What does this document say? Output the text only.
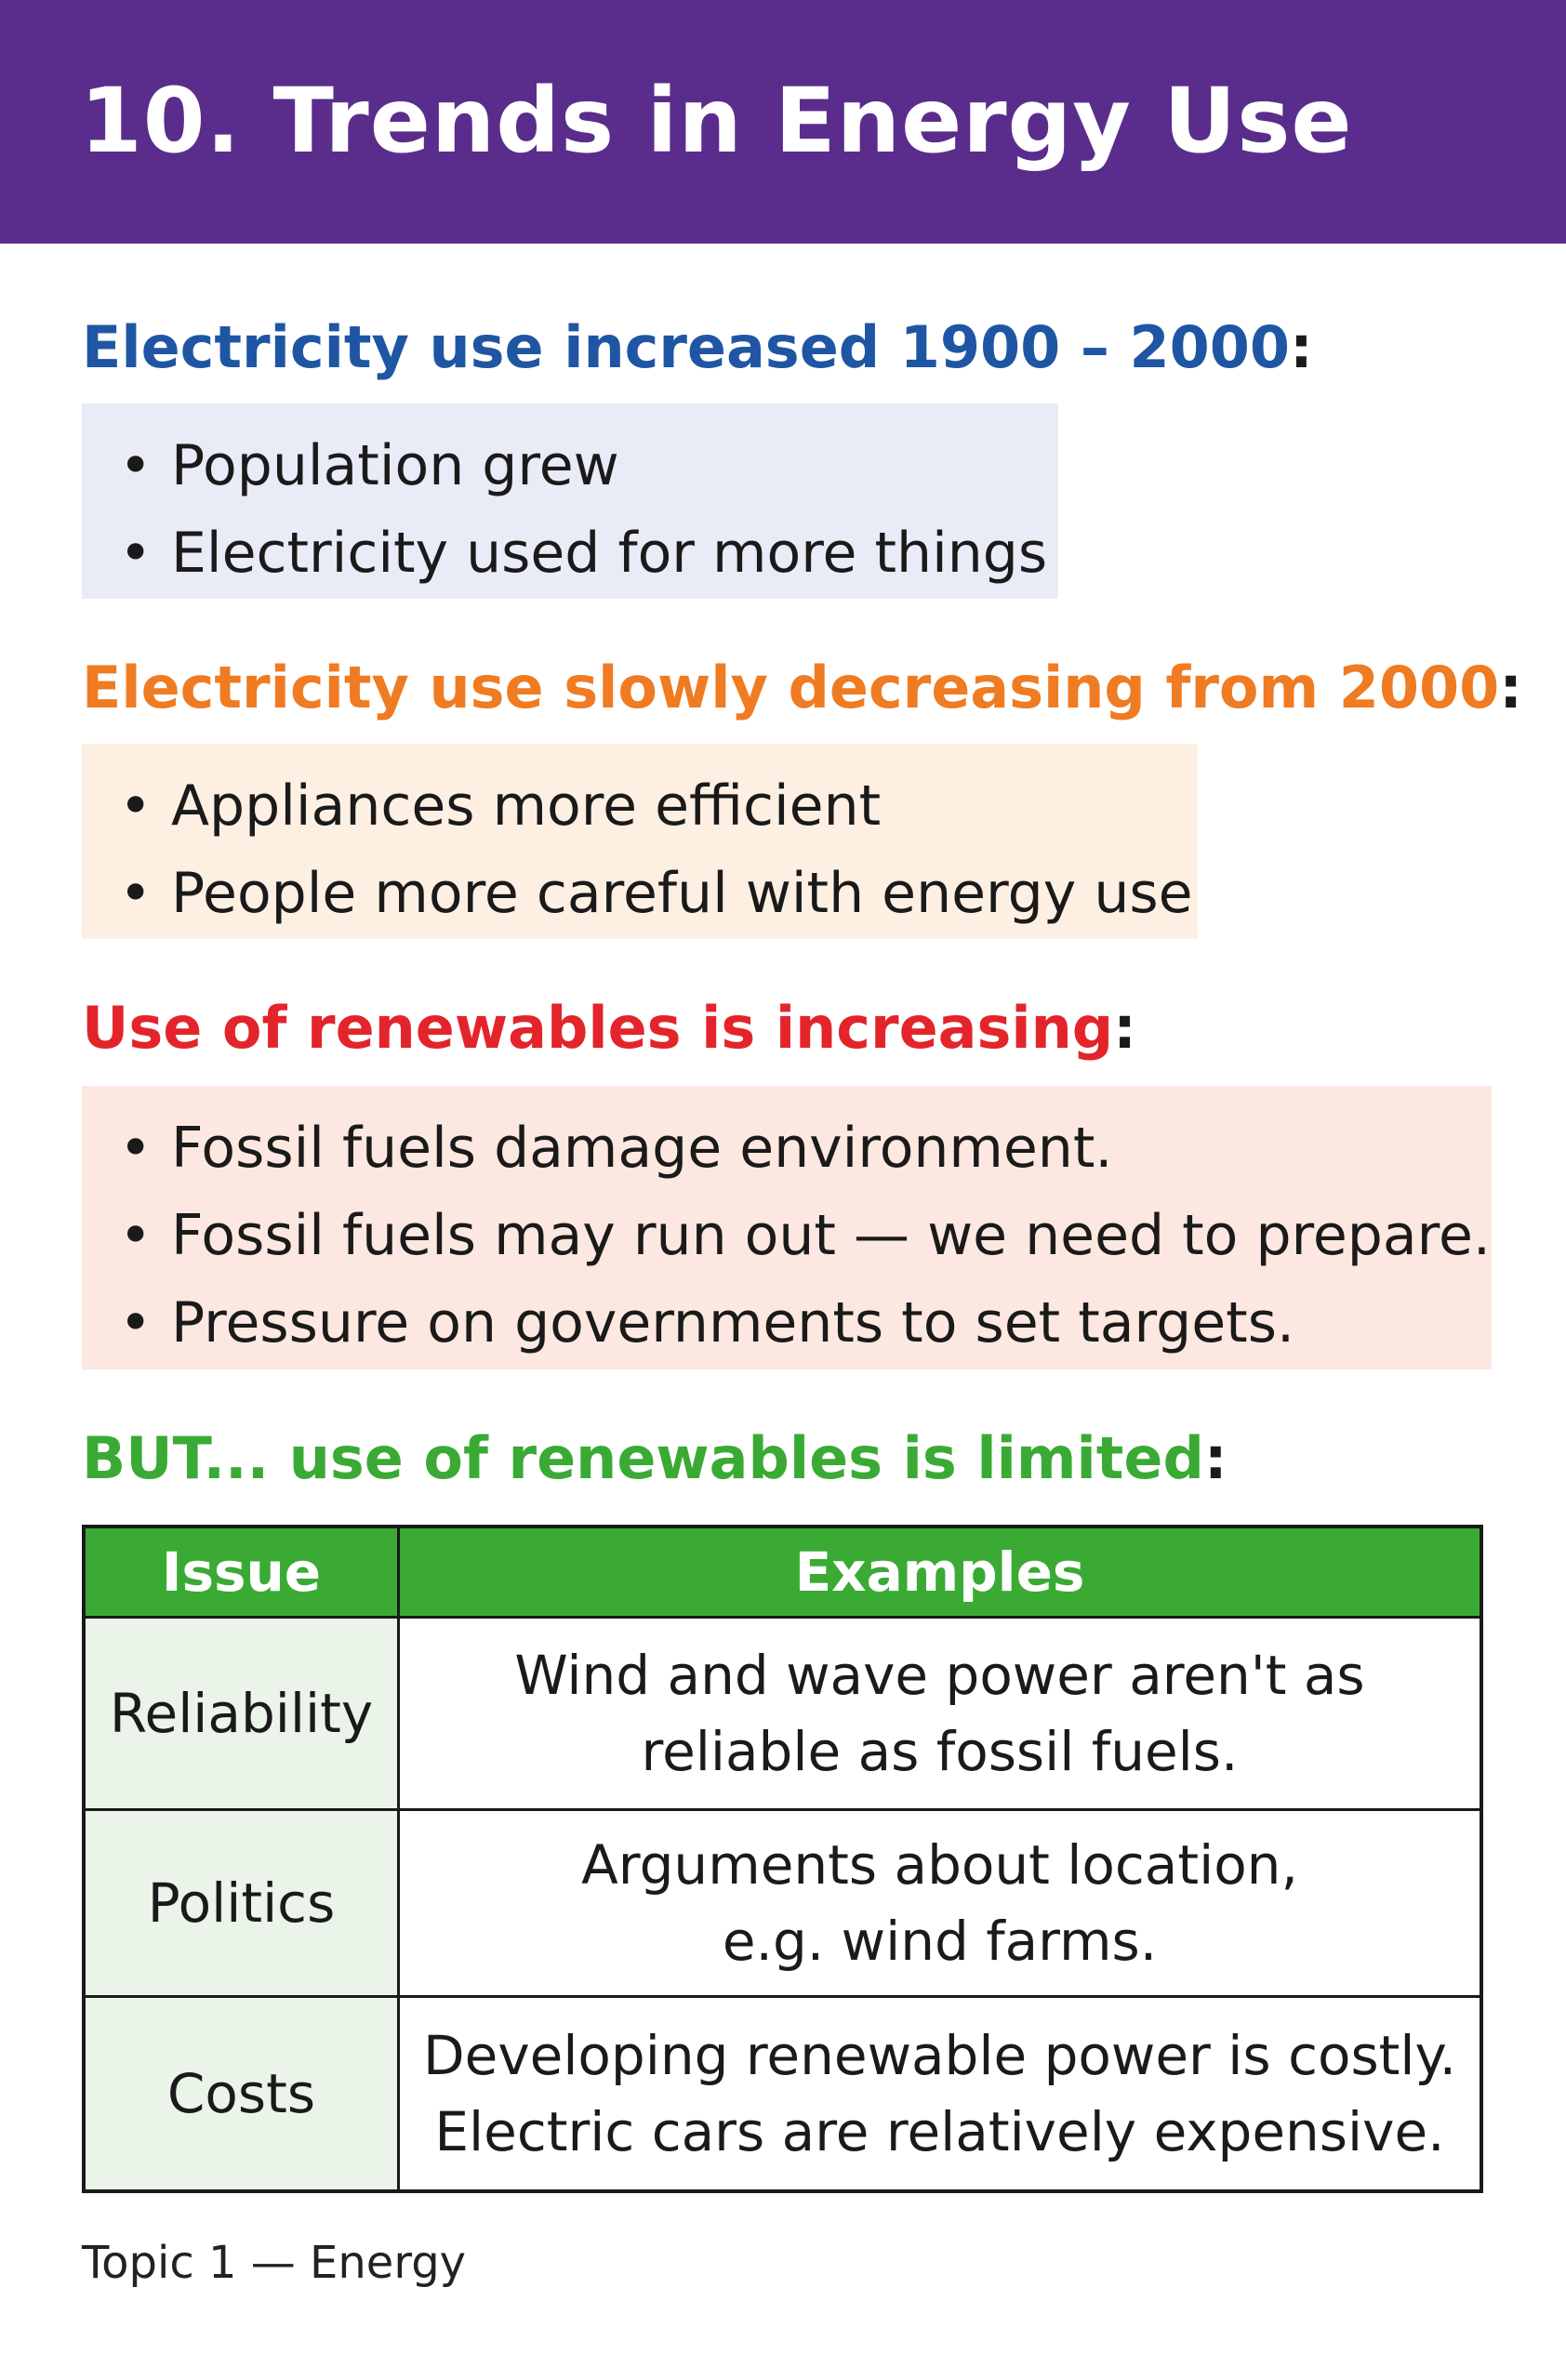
10. Trends in Energy Use
Electricity use increased 1900 – 2000:
• Population grew
• Electricity used for more things
Electricity use slowly decreasing from 2000:
• Appliances more efficient
• People more careful with energy use
Use of renewables is increasing:
• Fossil fuels damage environment.
• Fossil fuels may run out — we need to prepare.
• Pressure on governments to set targets.
BUT... use of renewables is limited:
Issue	Examples
Reliability	Wind and wave power aren't as
reliable as fossil fuels.

Politics	Arguments about location,
e.g. wind farms.

Costs	Developing renewable power is costly.
Electric cars are relatively expensive.
Topic 1 — Energy
